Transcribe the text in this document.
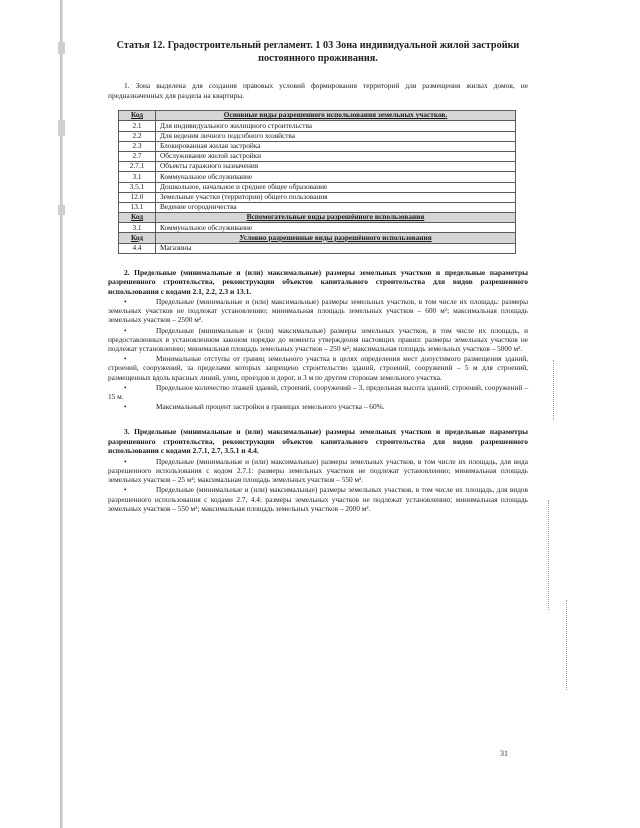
Статья 12. Градостроительный регламент. 1 03 Зона индивидуальной жилой застройки постоянного проживания.

1. Зона выделена для создания правовых условий формирования территорий для размещения жилых домов, не предназначенных для раздела на квартиры.

Код	Основные виды разрешенного использования земельных участков.
2.1	Для индивидуального жилищного строительства
2.2	Для ведения личного подсобного хозяйства
2.3	Блокированная жилая застройка
2.7	Обслуживание жилой застройки
2.7.1	Объекты гаражного назначения
3.1	Коммунальное обслуживание
3.5.1	Дошкольное, начальное и среднее общее образование
12.0	Земельные участки (территории) общего пользования
13.1	Ведение огородничества
Код	Вспомогательные виды разрешённого использования
3.1	Коммунальное обслуживание
Код	Условно разрешенные виды разрешённого использования
4.4	Магазины

2. Предельные (минимальные и (или) максимальные) размеры земельных участков и предельные параметры разрешенного строительства, реконструкции объектов капитального строительства для видов разрешенного использования с кодами 2.1, 2.2, 2.3 и 13.1.

•	Предельные (минимальные и (или) максимальные) размеры земельных участков, в том числе их площадь: размеры земельных участков не подлежат установлению; минимальная площадь земельных участков – 600 м²; максимальная площадь земельных участков – 2500 м².

•	Предельные (минимальные и (или) максимальные) размеры земельных участков, в том числе их площадь, и предоставленных в установленном законом порядке до момента утверждения настоящих правил: размеры земельных участков не подлежат установлению; минимальная площадь земельных участков – 250 м²; максимальная площадь земельных участков – 5000 м².

•	Минимальные отступы от границ земельного участка в целях определения мест допустимого размещения зданий, строений, сооружений, за пределами которых запрещено строительство зданий, строений, сооружений – 5 м для строений, размещенных вдоль красных линий, улиц, проездов и дорог, и 3 м по другим сторонам земельного участка.

•	Предельное количество этажей зданий, строений, сооружений – 3, предельная высота зданий, строений, сооружений – 15 м.

•	Максимальный процент застройки в границах земельного участка – 60%.

3. Предельные (минимальные и (или) максимальные) размеры земельных участков и предельные параметры разрешенного строительства, реконструкции объектов капитального строительства для видов разрешенного использования с кодами 2.7.1, 2.7, 3.5.1 и 4.4.

•	Предельные (минимальные и (или) максимальные) размеры земельных участков, в том числе их площадь, для вида разрешенного использования с кодом 2.7.1: размеры земельных участков не подлежат установлению; минимальная площадь земельных участков – 25 м²; максимальная площадь земельных участков – 550 м².

•	Предельные (минимальные и (или) максимальные) размеры земельных участков, в том числе их площадь, для видов разрешенного использования с кодами 2.7, 4.4: размеры земельных участков не подлежат установлению; минимальная площадь земельных участков – 550 м²; максимальная площадь земельных участков – 2000 м².

31
